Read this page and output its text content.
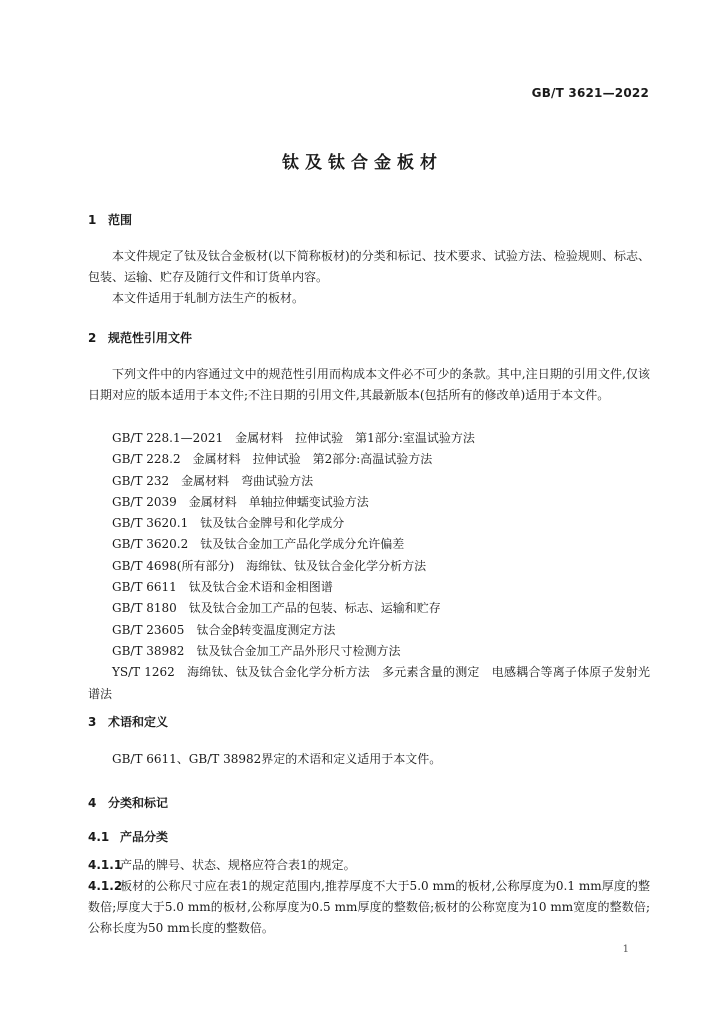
GB/T 3621—2022
钛及钛合金板材
1 范围

本文件规定了钛及钛合金板材(以下简称板材)的分类和标记、技术要求、试验方法、检验规则、标志、包装、运输、贮存及随行文件和订货单内容。

本文件适用于轧制方法生产的板材。

2 规范性引用文件

下列文件中的内容通过文中的规范性引用而构成本文件必不可少的条款。其中,注日期的引用文件,仅该日期对应的版本适用于本文件;不注日期的引用文件,其最新版本(包括所有的修改单)适用于本文件。

GB/T 228.1—2021　金属材料　拉伸试验　第1部分:室温试验方法
GB/T 228.2　金属材料　拉伸试验　第2部分:高温试验方法
GB/T 232　金属材料　弯曲试验方法
GB/T 2039　金属材料　单轴拉伸蠕变试验方法
GB/T 3620.1　钛及钛合金牌号和化学成分
GB/T 3620.2　钛及钛合金加工产品化学成分允许偏差
GB/T 4698(所有部分)　海绵钛、钛及钛合金化学分析方法
GB/T 6611　钛及钛合金术语和金相图谱
GB/T 8180　钛及钛合金加工产品的包装、标志、运输和贮存
GB/T 23605　钛合金β转变温度测定方法
GB/T 38982　钛及钛合金加工产品外形尺寸检测方法
YS/T 1262　海绵钛、钛及钛合金化学分析方法　多元素含量的测定　电感耦合等离子体原子发射光谱法
3 术语和定义

GB/T 6611、GB/T 38982界定的术语和定义适用于本文件。

4 分类和标记
4.1 产品分类

4.1.1产品的牌号、状态、规格应符合表1的规定。

4.1.2板材的公称尺寸应在表1的规定范围内,推荐厚度不大于5.0 mm的板材,公称厚度为0.1 mm厚度的整数倍;厚度大于5.0 mm的板材,公称厚度为0.5 mm厚度的整数倍;板材的公称宽度为10 mm宽度的整数倍;公称长度为50 mm长度的整数倍。

1
